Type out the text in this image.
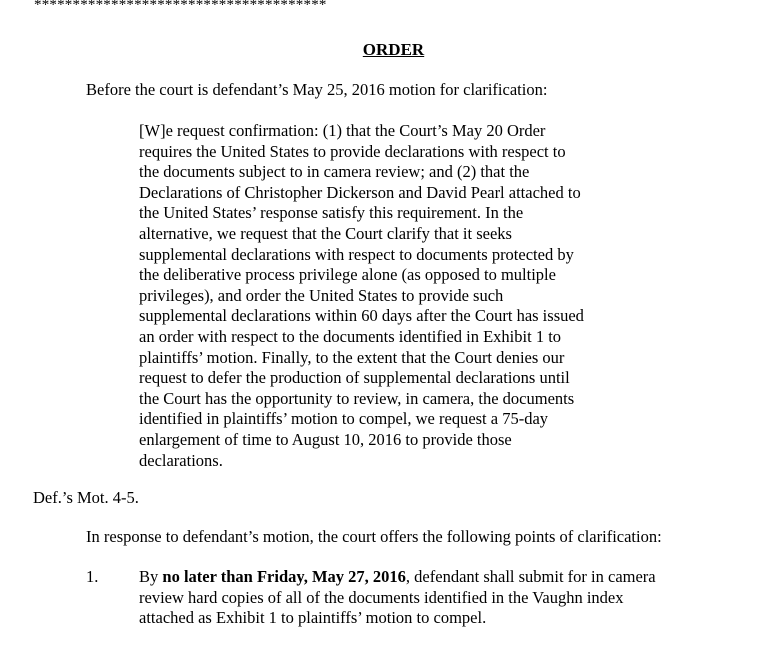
**************************************
ORDER
Before the court is defendant’s May 25, 2016 motion for clarification:
[W]e request confirmation: (1) that the Court’s May 20 Order
requires the United States to provide declarations with respect to
the documents subject to in camera review; and (2) that the
Declarations of Christopher Dickerson and David Pearl attached to
the United States’ response satisfy this requirement. In the
alternative, we request that the Court clarify that it seeks
supplemental declarations with respect to documents protected by
the deliberative process privilege alone (as opposed to multiple
privileges), and order the United States to provide such
supplemental declarations within 60 days after the Court has issued
an order with respect to the documents identified in Exhibit 1 to
plaintiffs’ motion. Finally, to the extent that the Court denies our
request to defer the production of supplemental declarations until
the Court has the opportunity to review, in camera, the documents
identified in plaintiffs’ motion to compel, we request a 75-day
enlargement of time to August 10, 2016 to provide those
declarations.
Def.’s Mot. 4-5.
In response to defendant’s motion, the court offers the following points of clarification:
1. By no later than Friday, May 27, 2016, defendant shall submit for in camera
review hard copies of all of the documents identified in the Vaughn index
attached as Exhibit 1 to plaintiffs’ motion to compel.
